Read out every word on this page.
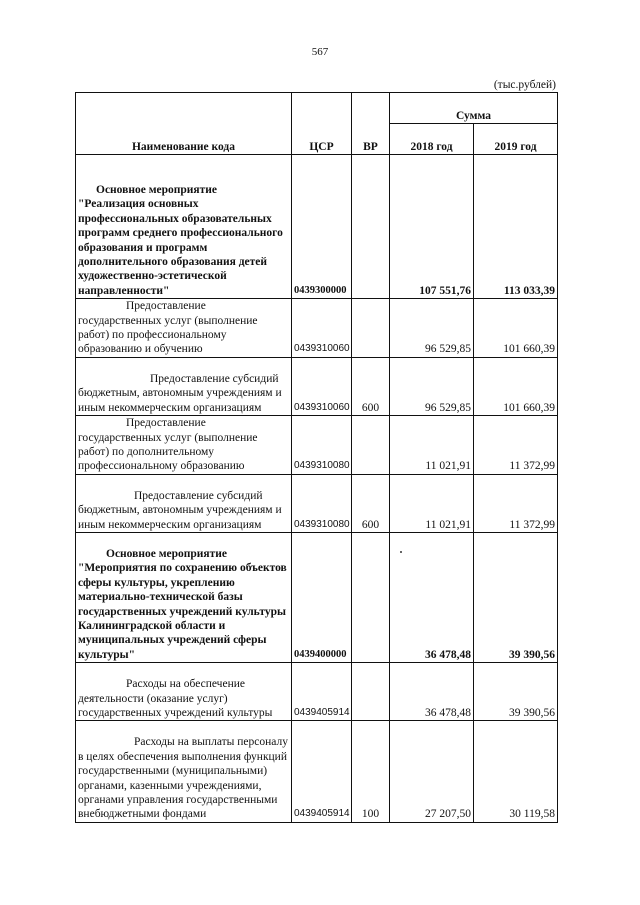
567
(тыс.рублей)
Наименование кода	ЦСР	ВР	Сумма	
			2018 год	2019 год

Основное мероприятие
"Реализация основных профессиональных образовательных программ среднего профессионального образования и программ дополнительного образования детей художественно-эстетической направленности"	0439300000		107 551,76	113 033,39

Предоставление
государственных услуг (выполнение работ) по профессиональному образованию и обучению	0439310060		96 529,85	101 660,39

Предоставление субсидий
бюджетным, автономным учреждениям и иным некоммерческим организациям	0439310060	600	96 529,85	101 660,39

Предоставление
государственных услуг (выполнение работ) по дополнительному профессиональному образованию	0439310080		11 021,91	11 372,99

Предоставление субсидий
бюджетным, автономным учреждениям и иным некоммерческим организациям	0439310080	600	11 021,91	11 372,99

Основное мероприятие
"Мероприятия по сохранению объектов сферы культуры, укреплению материально-технической базы государственных учреждений культуры Калининградской области и муниципальных учреждений сферы культуры"	0439400000		36 478,48	39 390,56

Расходы на обеспечение
деятельности (оказание услуг) государственных учреждений культуры	0439405914		36 478,48	39 390,56

Расходы на выплаты персоналу
в целях обеспечения выполнения функций государственными (муниципальными) органами, казенными учреждениями, органами управления государственными внебюджетными фондами	0439405914	100	27 207,50	30 119,58
